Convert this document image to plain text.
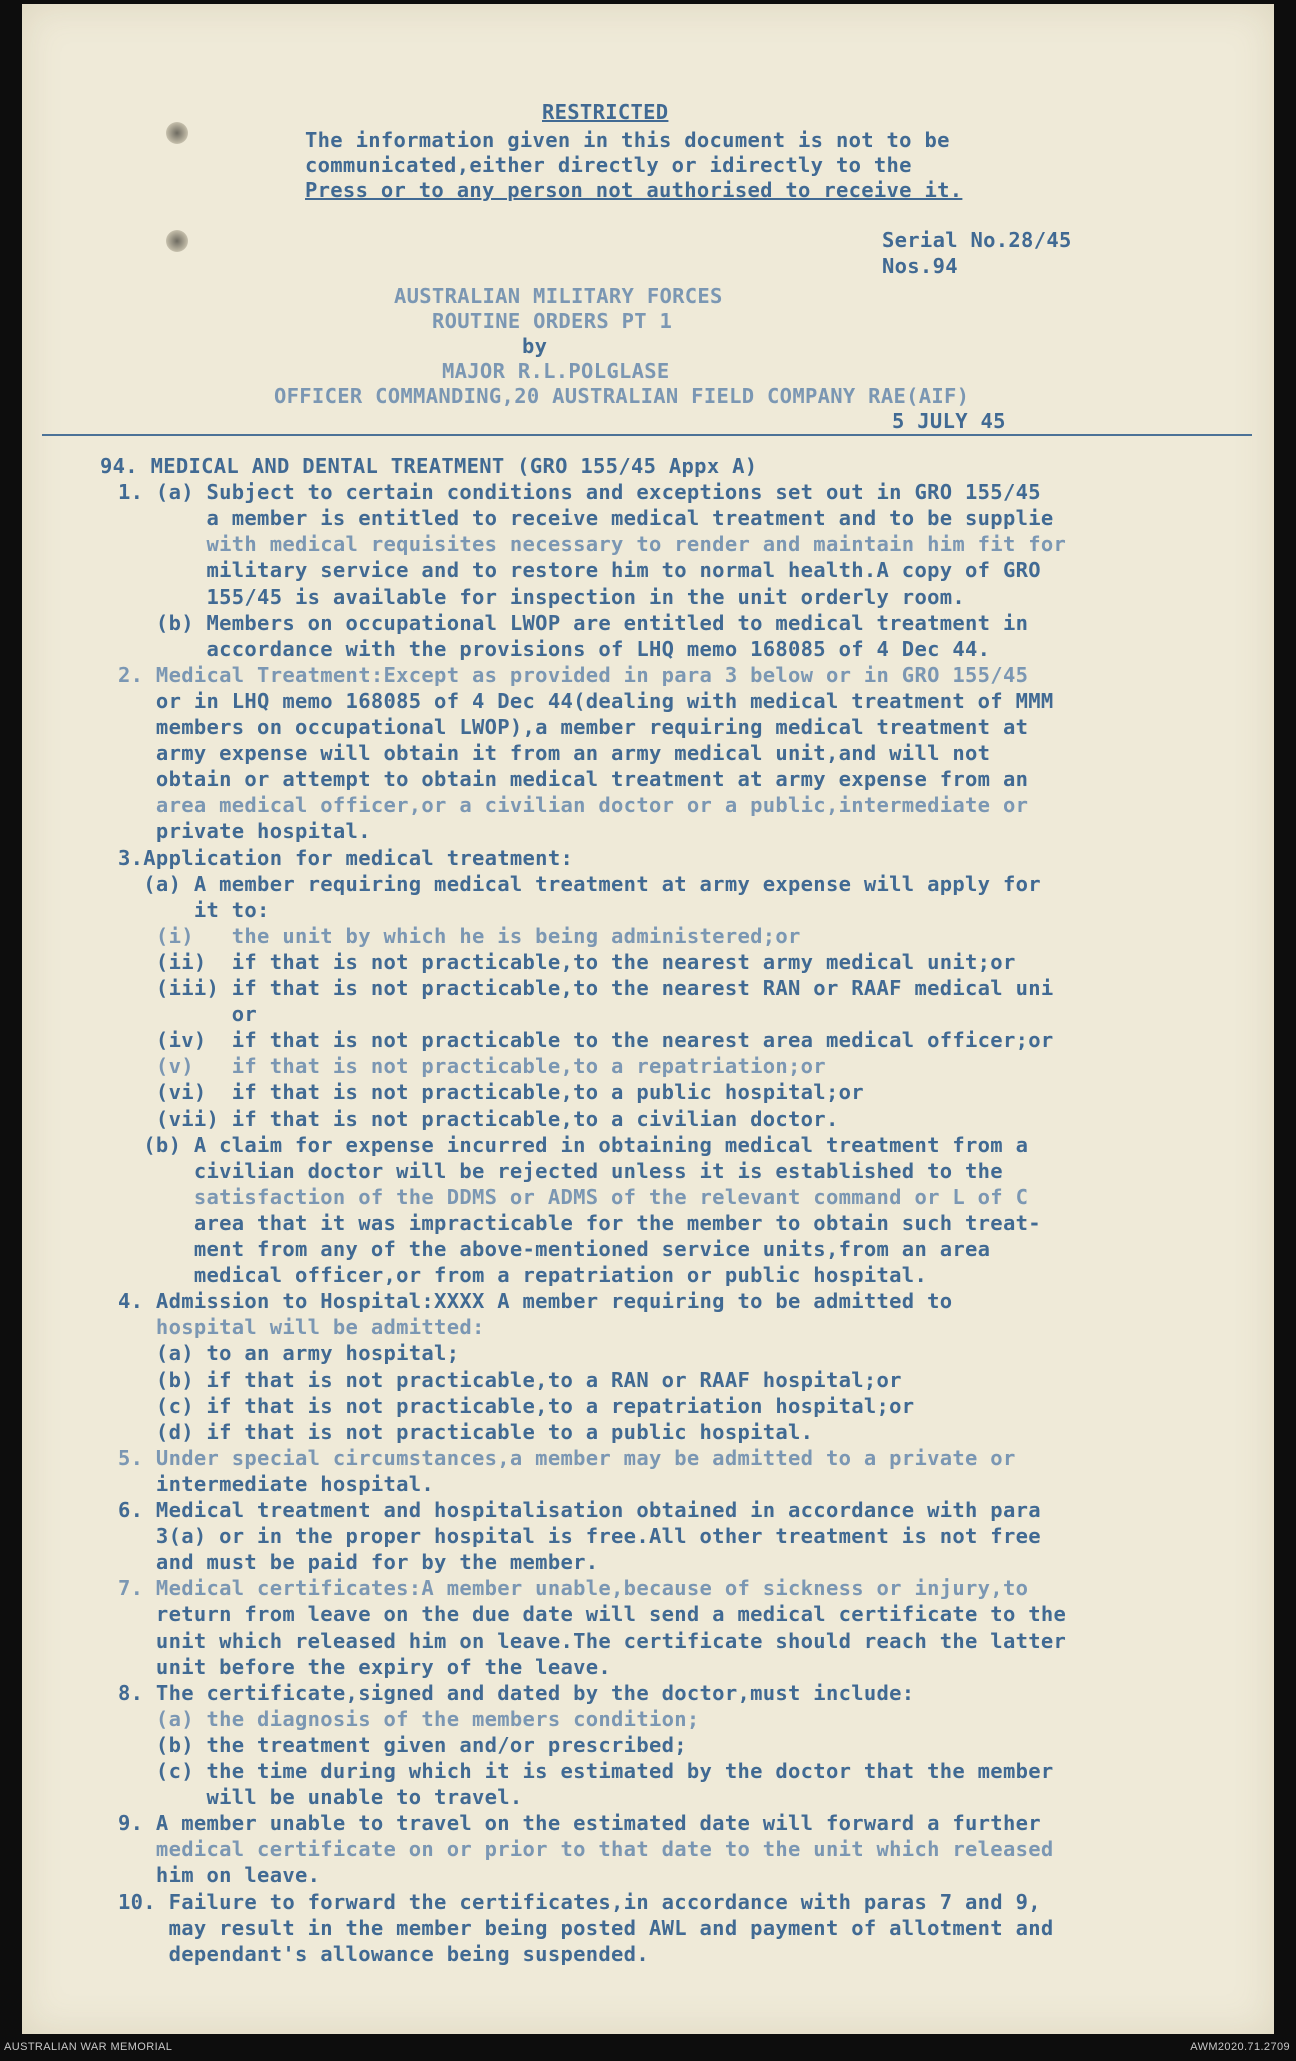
RESTRICTED
The information given in this document is not to be
communicated,either directly or idirectly to the
Press or to any person not authorised to receive it.
Serial No.28/45
Nos.94
AUSTRALIAN MILITARY FORCES
ROUTINE ORDERS PT 1
by
MAJOR R.L.POLGLASE
OFFICER COMMANDING,20 AUSTRALIAN FIELD COMPANY RAE(AIF)
5 JULY 45
94. MEDICAL AND DENTAL TREATMENT (GRO 155/45 Appx A)
1. (a) Subject to certain conditions and exceptions set out in GRO 155/45
a member is entitled to receive medical treatment and to be supplie
with medical requisites necessary to render and maintain him fit for
military service and to restore him to normal health.A copy of GRO
155/45 is available for inspection in the unit orderly room.
(b) Members on occupational LWOP are entitled to medical treatment in
accordance with the provisions of LHQ memo 168085 of 4 Dec 44.
2. Medical Treatment:Except as provided in para 3 below or in GRO 155/45
or in LHQ memo 168085 of 4 Dec 44(dealing with medical treatment of MMM
members on occupational LWOP),a member requiring medical treatment at
army expense will obtain it from an army medical unit,and will not
obtain or attempt to obtain medical treatment at army expense from an
area medical officer,or a civilian doctor or a public,intermediate or
private hospital.
3.Application for medical treatment:
(a) A member requiring medical treatment at army expense will apply for
it to:
(i)   the unit by which he is being administered;or
(ii)  if that is not practicable,to the nearest army medical unit;or
(iii) if that is not practicable,to the nearest RAN or RAAF medical uni
or
(iv)  if that is not practicable to the nearest area medical officer;or
(v)   if that is not practicable,to a repatriation;or
(vi)  if that is not practicable,to a public hospital;or
(vii) if that is not practicable,to a civilian doctor.
(b) A claim for expense incurred in obtaining medical treatment from a
civilian doctor will be rejected unless it is established to the
satisfaction of the DDMS or ADMS of the relevant command or L of C
area that it was impracticable for the member to obtain such treat-
ment from any of the above-mentioned service units,from an area
medical officer,or from a repatriation or public hospital.
4. Admission to Hospital:XXXX A member requiring to be admitted to
hospital will be admitted:
(a) to an army hospital;
(b) if that is not practicable,to a RAN or RAAF hospital;or
(c) if that is not practicable,to a repatriation hospital;or
(d) if that is not practicable to a public hospital.
5. Under special circumstances,a member may be admitted to a private or
intermediate hospital.
6. Medical treatment and hospitalisation obtained in accordance with para
3(a) or in the proper hospital is free.All other treatment is not free
and must be paid for by the member.
7. Medical certificates:A member unable,because of sickness or injury,to
return from leave on the due date will send a medical certificate to the
unit which released him on leave.The certificate should reach the latter
unit before the expiry of the leave.
8. The certificate,signed and dated by the doctor,must include:
(a) the diagnosis of the members condition;
(b) the treatment given and/or prescribed;
(c) the time during which it is estimated by the doctor that the member
will be unable to travel.
9. A member unable to travel on the estimated date will forward a further
medical certificate on or prior to that date to the unit which released
him on leave.
10. Failure to forward the certificates,in accordance with paras 7 and 9,
may result in the member being posted AWL and payment of allotment and
dependant's allowance being suspended.
AUSTRALIAN WAR MEMORIAL	AWM2020.71.2709
